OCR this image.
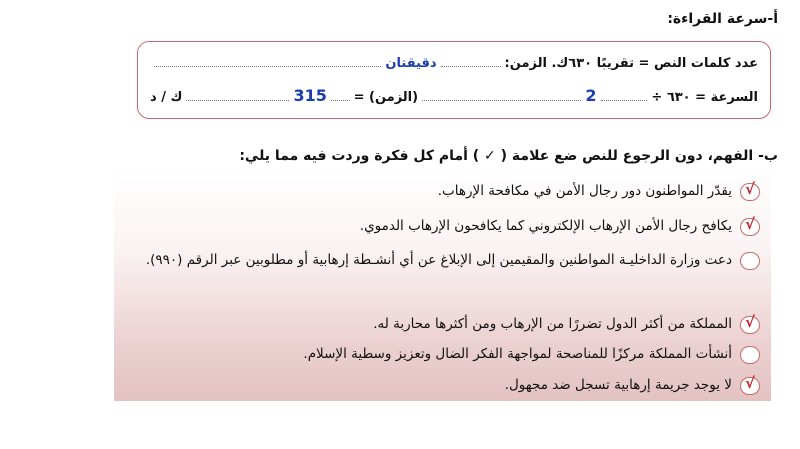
أ-سرعة القراءة:
عدد كلمات النص = تقريبًا ٦٣٠ك. الزمن:
دقيقتان
السرعة = ٦٣٠ ÷
2
(الزمن) =
315
ك / د
ب- الفهم، دون الرجوع للنص ضع علامة ( ✓ ) أمام كل فكرة وردت فيه مما يلي:
√
يقدّر المواطنون دور رجال الأمن في مكافحة الإرهاب.
√
يكافح رجال الأمن الإرهاب الإلكتروني كما يكافحون الإرهاب الدموي.
دعت وزارة الداخليـة المواطنين والمقيمين إلى الإبلاغ عن أي أنشـطة إرهابية أو مطلوبين عبر الرقم (٩٩٠).
√
المملكة من أكثر الدول تضررًا من الإرهاب ومن أكثرها محاربة له.
أنشأت المملكة مركزًا للمناصحة لمواجهة الفكر الضال وتعزيز وسطية الإسلام.
√
لا يوجد جريمة إرهابية تسجل ضد مجهول.
